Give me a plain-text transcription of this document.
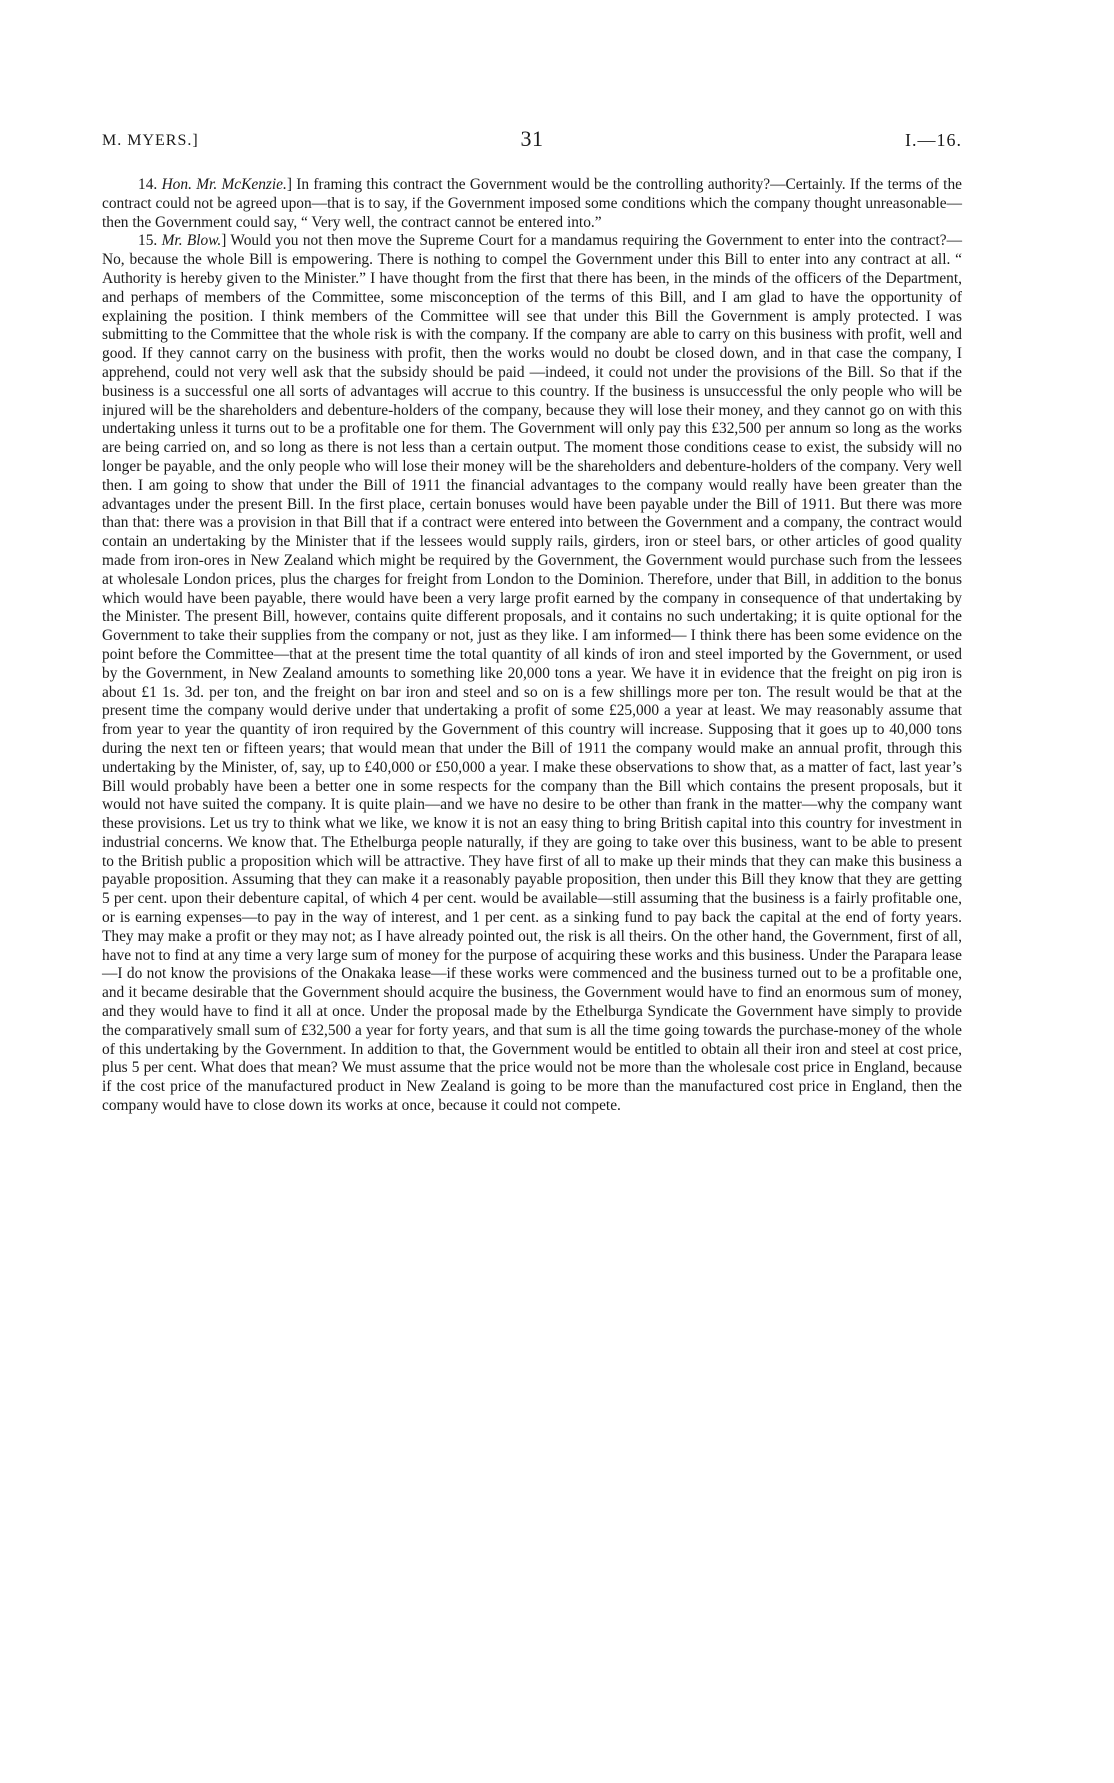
M. MYERS.]	31	I.—16.

14. Hon. Mr. McKenzie.] In framing this contract the Government would be the controlling authority?—Certainly. If the terms of the contract could not be agreed upon—that is to say, if the Government imposed some conditions which the company thought unreasonable—then the Government could say, “ Very well, the contract cannot be entered into.”

15. Mr. Blow.] Would you not then move the Supreme Court for a mandamus requiring the Government to enter into the contract?—No, because the whole Bill is empowering. There is nothing to compel the Government under this Bill to enter into any contract at all. “ Authority is hereby given to the Minister.” I have thought from the first that there has been, in the minds of the officers of the Department, and perhaps of members of the Committee, some misconception of the terms of this Bill, and I am glad to have the opportunity of explaining the position. I think members of the Committee will see that under this Bill the Government is amply protected. I was submitting to the Committee that the whole risk is with the company. If the company are able to carry on this business with profit, well and good. If they cannot carry on the business with profit, then the works would no doubt be closed down, and in that case the company, I apprehend, could not very well ask that the subsidy should be paid —indeed, it could not under the provisions of the Bill. So that if the business is a successful one all sorts of advantages will accrue to this country. If the business is unsuccessful the only people who will be injured will be the shareholders and debenture-holders of the company, because they will lose their money, and they cannot go on with this undertaking unless it turns out to be a profitable one for them. The Government will only pay this £32,500 per annum so long as the works are being carried on, and so long as there is not less than a certain output. The moment those conditions cease to exist, the subsidy will no longer be payable, and the only people who will lose their money will be the shareholders and debenture-holders of the company. Very well then. I am going to show that under the Bill of 1911 the financial advantages to the company would really have been greater than the advantages under the present Bill. In the first place, certain bonuses would have been payable under the Bill of 1911. But there was more than that: there was a provision in that Bill that if a contract were entered into between the Government and a company, the contract would contain an undertaking by the Minister that if the lessees would supply rails, girders, iron or steel bars, or other articles of good quality made from iron-ores in New Zealand which might be required by the Government, the Government would purchase such from the lessees at wholesale London prices, plus the charges for freight from London to the Dominion. Therefore, under that Bill, in addition to the bonus which would have been payable, there would have been a very large profit earned by the company in consequence of that undertaking by the Minister. The present Bill, however, contains quite different proposals, and it contains no such undertaking; it is quite optional for the Government to take their supplies from the company or not, just as they like. I am informed— I think there has been some evidence on the point before the Committee—that at the present time the total quantity of all kinds of iron and steel imported by the Government, or used by the Government, in New Zealand amounts to something like 20,000 tons a year. We have it in evidence that the freight on pig iron is about £1 1s. 3d. per ton, and the freight on bar iron and steel and so on is a few shillings more per ton. The result would be that at the present time the company would derive under that undertaking a profit of some £25,000 a year at least. We may reasonably assume that from year to year the quantity of iron required by the Government of this country will increase. Supposing that it goes up to 40,000 tons during the next ten or fifteen years; that would mean that under the Bill of 1911 the company would make an annual profit, through this undertaking by the Minister, of, say, up to £40,000 or £50,000 a year. I make these observations to show that, as a matter of fact, last year’s Bill would probably have been a better one in some respects for the company than the Bill which contains the present proposals, but it would not have suited the company. It is quite plain—and we have no desire to be other than frank in the matter—why the company want these provisions. Let us try to think what we like, we know it is not an easy thing to bring British capital into this country for investment in industrial concerns. We know that. The Ethelburga people naturally, if they are going to take over this business, want to be able to present to the British public a proposition which will be attractive. They have first of all to make up their minds that they can make this business a payable proposition. Assuming that they can make it a reasonably payable proposition, then under this Bill they know that they are getting 5 per cent. upon their debenture capital, of which 4 per cent. would be available—still assuming that the business is a fairly profitable one, or is earning expenses—to pay in the way of interest, and 1 per cent. as a sinking fund to pay back the capital at the end of forty years. They may make a profit or they may not; as I have already pointed out, the risk is all theirs. On the other hand, the Government, first of all, have not to find at any time a very large sum of money for the purpose of acquiring these works and this business. Under the Parapara lease—I do not know the provisions of the Onakaka lease—if these works were commenced and the business turned out to be a profitable one, and it became desirable that the Government should acquire the business, the Government would have to find an enormous sum of money, and they would have to find it all at once. Under the proposal made by the Ethelburga Syndicate the Government have simply to provide the comparatively small sum of £32,500 a year for forty years, and that sum is all the time going towards the purchase-money of the whole of this undertaking by the Government. In addition to that, the Government would be entitled to obtain all their iron and steel at cost price, plus 5 per cent. What does that mean? We must assume that the price would not be more than the wholesale cost price in England, because if the cost price of the manufactured product in New Zealand is going to be more than the manufactured cost price in England, then the company would have to close down its works at once, because it could not compete.
